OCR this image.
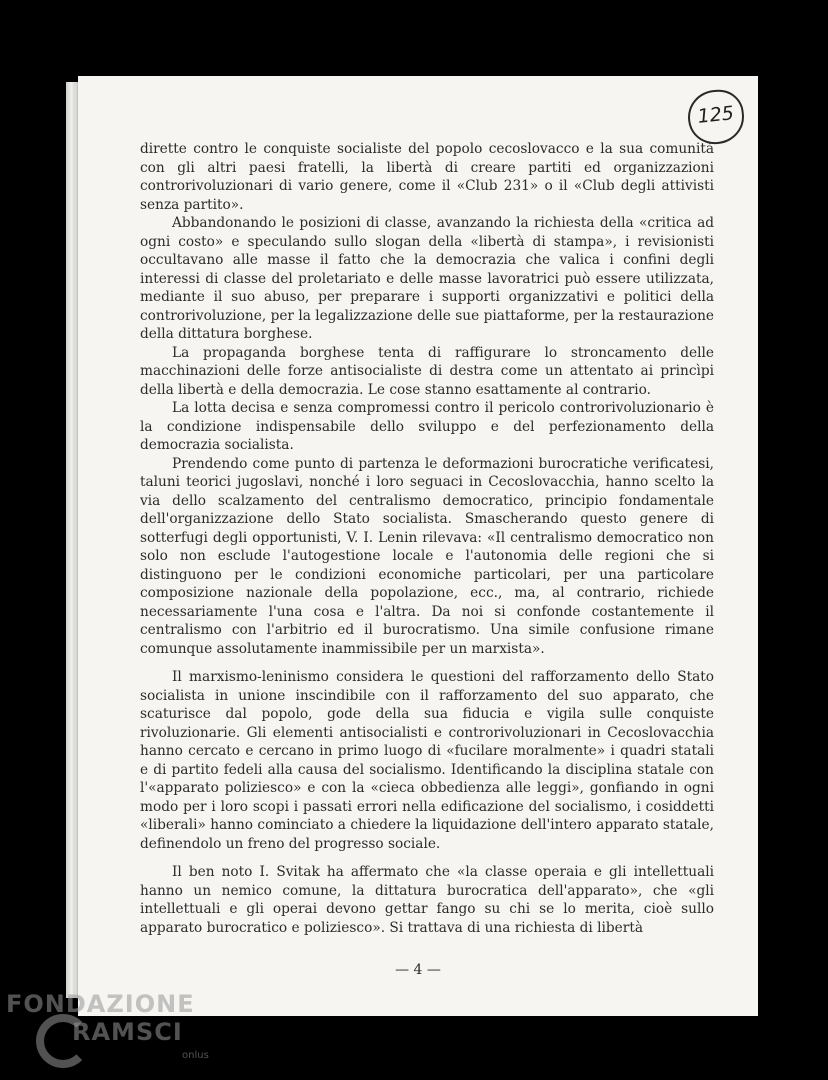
125

dirette contro le conquiste socialiste del popolo cecoslovacco e la sua comunità con gli altri paesi fratelli, la libertà di creare partiti ed organizzazioni controrivoluzionari di vario genere, come il «Club 231» o il «Club degli attivisti senza partito».

Abbandonando le posizioni di classe, avanzando la richiesta della «critica ad ogni costo» e speculando sullo slogan della «libertà di stampa», i revisionisti occultavano alle masse il fatto che la democrazia che valica i confini degli interessi di classe del proletariato e delle masse lavoratrici può essere utilizzata, mediante il suo abuso, per preparare i supporti organizzativi e politici della controrivoluzione, per la legalizzazione delle sue piattaforme, per la restaurazione della dittatura borghese.

La propaganda borghese tenta di raffigurare lo stroncamento delle macchinazioni delle forze antisocialiste di destra come un attentato ai princìpi della libertà e della democrazia. Le cose stanno esattamente al contrario.

La lotta decisa e senza compromessi contro il pericolo controrivoluzionario è la condizione indispensabile dello sviluppo e del perfezionamento della democrazia socialista.

Prendendo come punto di partenza le deformazioni burocratiche verificatesi, taluni teorici jugoslavi, nonché i loro seguaci in Cecoslovacchia, hanno scelto la via dello scalzamento del centralismo democratico, principio fondamentale dell'organizzazione dello Stato socialista. Smascherando questo genere di sotterfugi degli opportunisti, V. I. Lenin rilevava: «Il centralismo democratico non solo non esclude l'autogestione locale e l'autonomia delle regioni che si distinguono per le condizioni economiche particolari, per una particolare composizione nazionale della popolazione, ecc., ma, al contrario, richiede necessariamente l'una cosa e l'altra. Da noi si confonde costantemente il centralismo con l'arbitrio ed il burocratismo. Una simile confusione rimane comunque assolutamente inammissibile per un marxista».

Il marxismo-leninismo considera le questioni del rafforzamento dello Stato socialista in unione inscindibile con il rafforzamento del suo apparato, che scaturisce dal popolo, gode della sua fiducia e vigila sulle conquiste rivoluzionarie. Gli elementi antisocialisti e controrivoluzionari in Cecoslovacchia hanno cercato e cercano in primo luogo di «fucilare moralmente» i quadri statali e di partito fedeli alla causa del socialismo. Identificando la disciplina statale con l'«apparato poliziesco» e con la «cieca obbedienza alle leggi», gonfiando in ogni modo per i loro scopi i passati errori nella edificazione del socialismo, i cosiddetti «liberali» hanno cominciato a chiedere la liquidazione dell'intero apparato statale, definendolo un freno del progresso sociale.

Il ben noto I. Svitak ha affermato che «la classe operaia e gli intellettuali hanno un nemico comune, la dittatura burocratica dell'apparato», che «gli intellettuali e gli operai devono gettar fango su chi se lo merita, cioè sullo apparato burocratico e poliziesco». Si trattava di una richiesta di libertà

— 4 —
FONDAZIONE
RAMSCI
onlus
